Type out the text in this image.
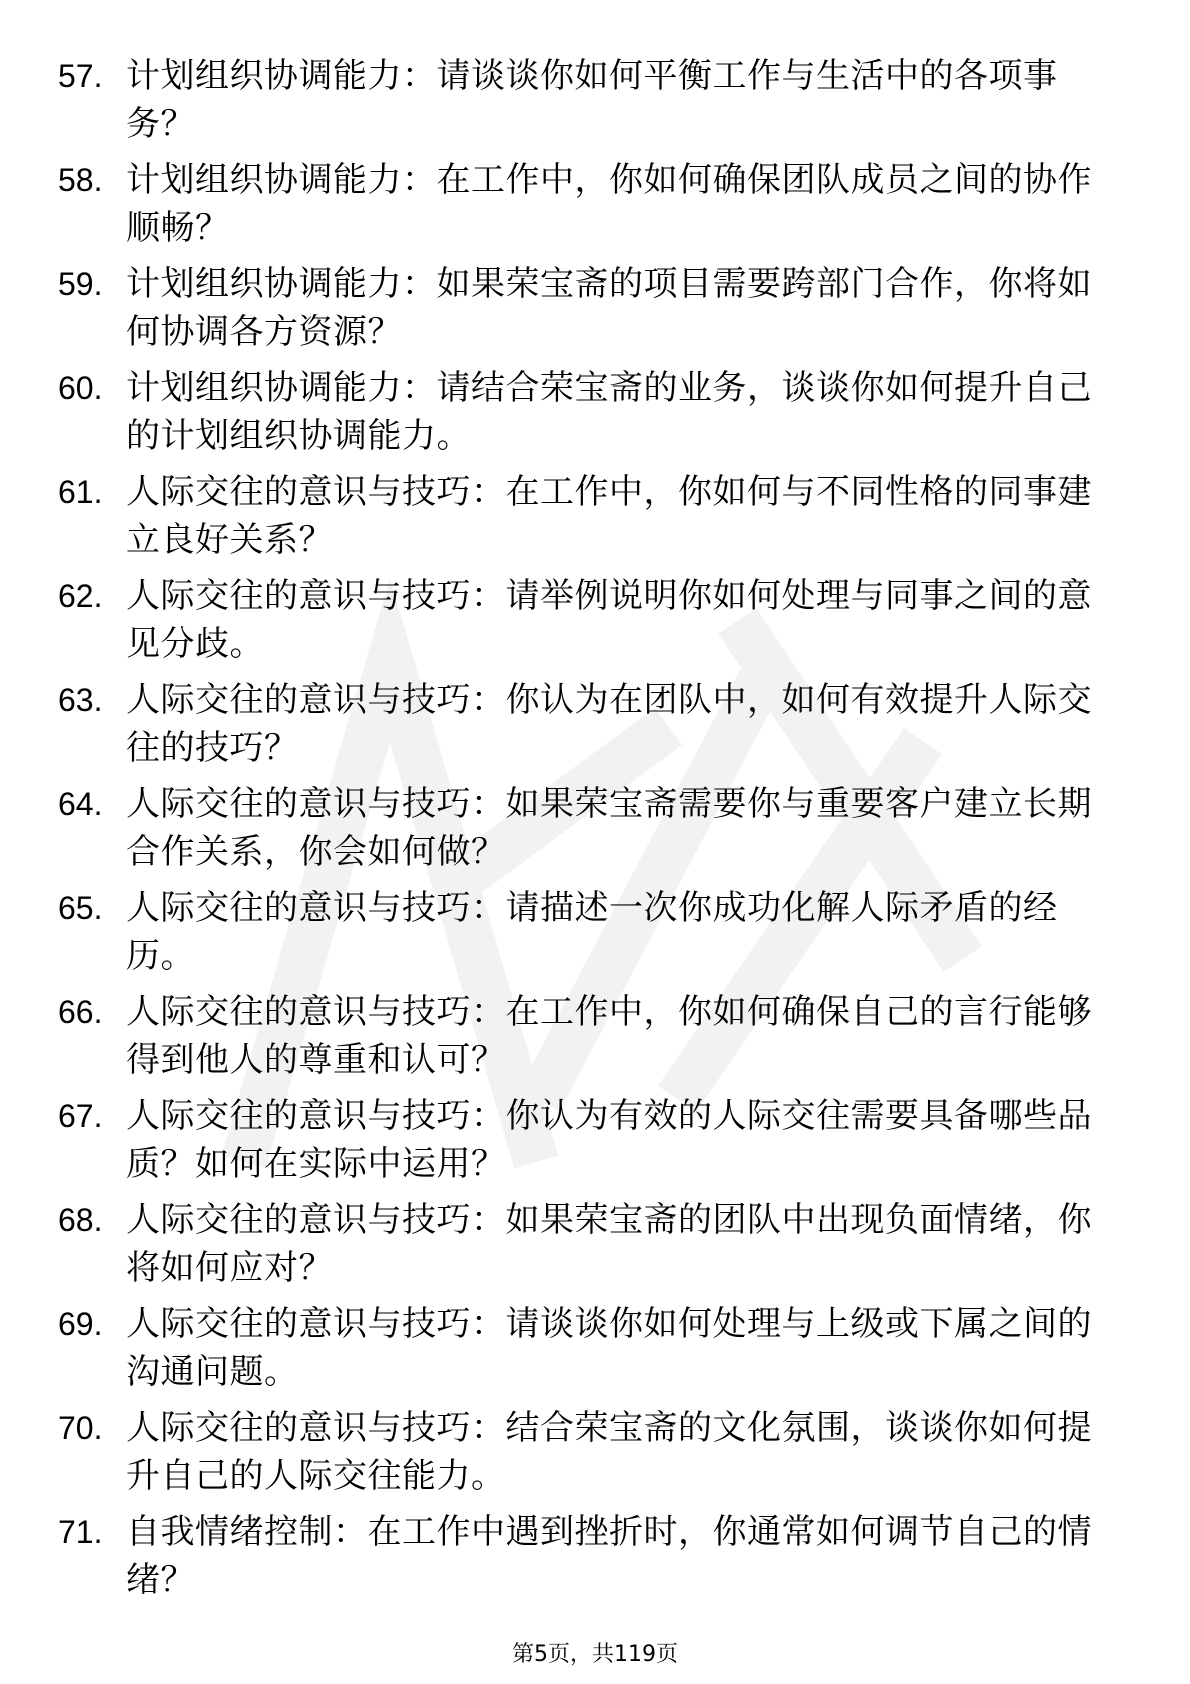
57. 计划组织协调能力：请谈谈你如何平衡工作与生活中的各项事务？
58. 计划组织协调能力：在工作中，你如何确保团队成员之间的协作顺畅？
59. 计划组织协调能力：如果荣宝斋的项目需要跨部门合作，你将如何协调各方资源？
60. 计划组织协调能力：请结合荣宝斋的业务，谈谈你如何提升自己的计划组织协调能力。
61. 人际交往的意识与技巧：在工作中，你如何与不同性格的同事建立良好关系？
62. 人际交往的意识与技巧：请举例说明你如何处理与同事之间的意见分歧。
63. 人际交往的意识与技巧：你认为在团队中，如何有效提升人际交往的技巧？
64. 人际交往的意识与技巧：如果荣宝斋需要你与重要客户建立长期合作关系，你会如何做？
65. 人际交往的意识与技巧：请描述一次你成功化解人际矛盾的经历。
66. 人际交往的意识与技巧：在工作中，你如何确保自己的言行能够得到他人的尊重和认可？
67. 人际交往的意识与技巧：你认为有效的人际交往需要具备哪些品质？如何在实际中运用？
68. 人际交往的意识与技巧：如果荣宝斋的团队中出现负面情绪，你将如何应对？
69. 人际交往的意识与技巧：请谈谈你如何处理与上级或下属之间的沟通问题。
70. 人际交往的意识与技巧：结合荣宝斋的文化氛围，谈谈你如何提升自己的人际交往能力。
71. 自我情绪控制：在工作中遇到挫折时，你通常如何调节自己的情绪？
第5页，共119页
